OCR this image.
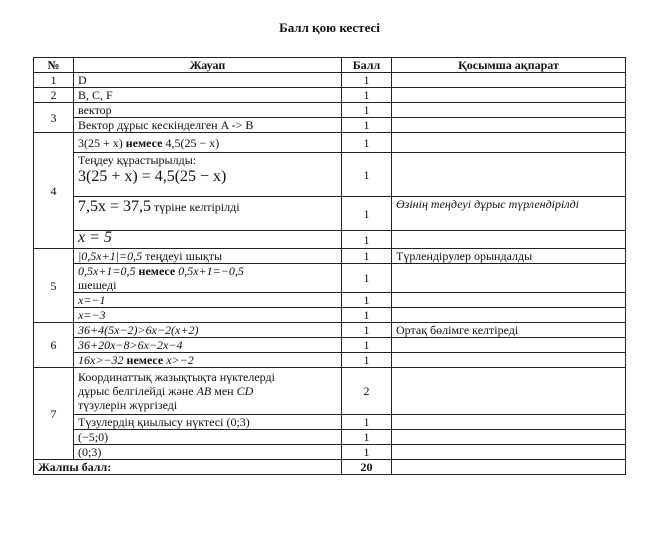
Балл қою кестесі
№	Жауап	Балл	Қосымша ақпарат
1	D	1	
2	B, C, F	1	
3	вектор	1	
	Вектор дұрыс кескінделген A -> B	1	
4	3(25 + x) немесе 4,5(25 − x)	1	

	Теңдеу құрастырылды:
3(25 + x) = 4,5(25 − x)	1	
	7,5x = 37,5 түріне келтірілді	1	Өзінің теңдеуі дұрыс түрлендірілді
	x = 5	1	
5	|0,5x+1|=0,5 теңдеуі шықты	1	Түрлендірулер орындалды

	0,5x+1=0,5 немесе 0,5x+1=−0,5
шешеді	1	
	x=−1	1	
	x=−3	1	
6	36+4(5x−2)>6x−2(x+2)	1	Ортақ бөлімге келтіреді
	36+20x−8>6x−2x−4	1	
	16x>−32 немесе x>−2	1	
7	Координаттық жазықтықта нүктелерді
дұрыс белгілейді және AB мен CD
түзулерін жүргізеді	2	
	Түзулердің қиылысу нүктесі (0;3)	1	
	(−5;0)	1	
	(0;3)	1	
Жалпы балл:		20	
